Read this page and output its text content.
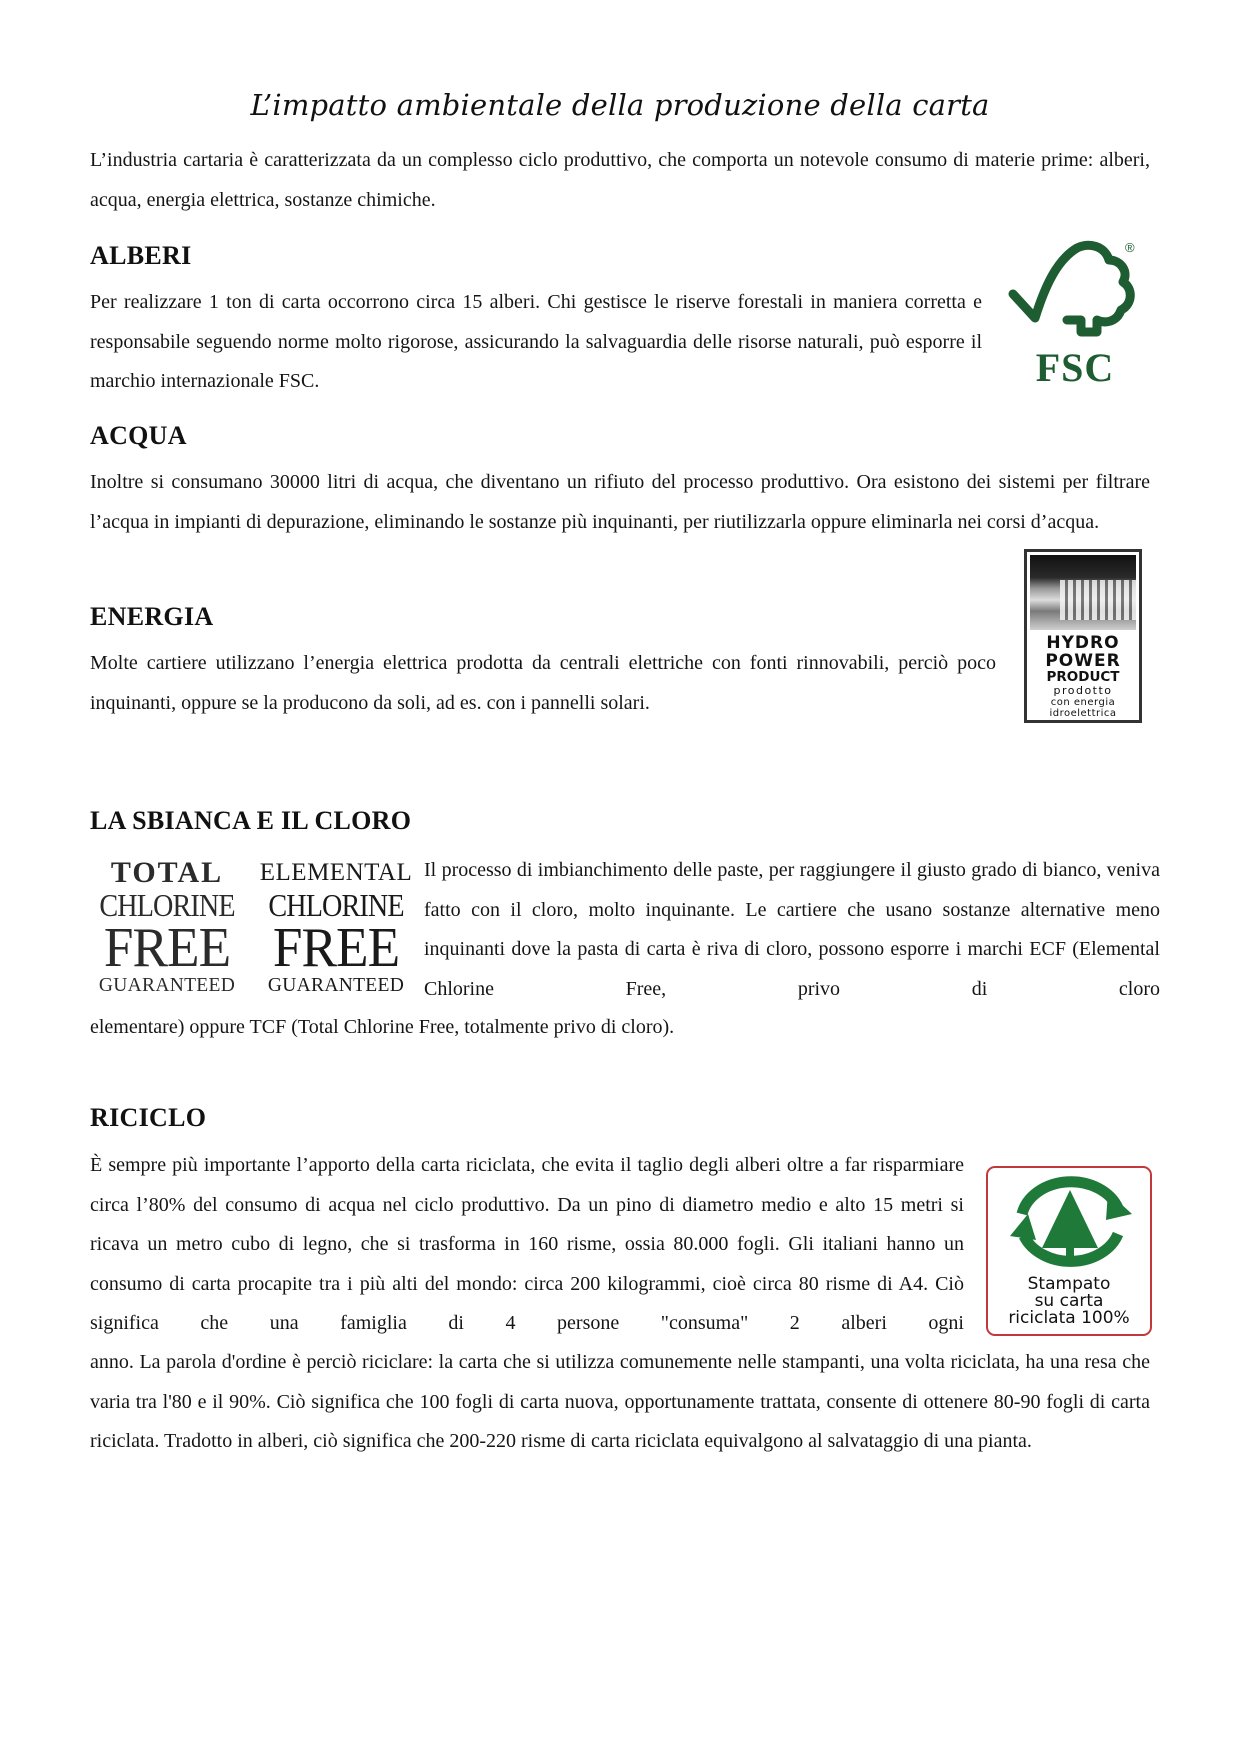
L’impatto ambientale della produzione della carta

L’industria cartaria è caratterizzata da un complesso ciclo produttivo, che comporta un notevole consumo di materie prime: alberi, acqua, energia elettrica, sostanze chimiche.

ALBERI

Per realizzare 1 ton di carta occorrono circa 15 alberi. Chi gestisce le riserve forestali in maniera corretta e responsabile seguendo norme molto rigorose, assicurando la salvaguardia delle risorse naturali, può esporre il marchio internazionale FSC.

®
FSC
ACQUA

Inoltre si consumano 30000 litri di acqua, che diventano un rifiuto del processo produttivo. Ora esistono dei sistemi per filtrare l’acqua in impianti di depurazione, eliminando le sostanze più inquinanti, per riutilizzarla oppure eliminarla nei corsi d’acqua.

ENERGIA

Molte cartiere utilizzano l’energia elettrica prodotta da centrali elettriche con fonti rinnovabili, perciò poco inquinanti, oppure se la producono da soli, ad es. con i pannelli solari.

HYDRO
POWER
PRODUCT
prodotto
con energia
idroelettrica
LA SBIANCA E IL CLORO
TOTAL
CHLORINE
FREE
GUARANTEED
ELEMENTAL
CHLORINE
FREE
GUARANTEED

Il processo di imbianchimento delle paste, per raggiungere il giusto grado di bianco, veniva fatto con il cloro, molto inquinante. Le cartiere che usano sostanze alternative meno inquinanti dove la pasta di carta è riva di cloro, possono esporre i marchi ECF (Elemental Chlorine Free, privo di cloro

elementare) oppure TCF (Total Chlorine Free, totalmente privo di cloro).

RICICLO

È sempre più importante l’apporto della carta riciclata, che evita il taglio degli alberi oltre a far risparmiare circa l’80% del consumo di acqua nel ciclo produttivo. Da un pino di diametro medio e alto 15 metri si ricava un metro cubo di legno, che si trasforma in 160 risme, ossia 80.000 fogli. Gli italiani hanno un consumo di carta procapite tra i più alti del mondo: circa 200 kilogrammi, cioè circa 80 risme di A4. Ciò significa che una famiglia di 4 persone "consuma" 2 alberi ogni

anno. La parola d'ordine è perciò riciclare: la carta che si utilizza comunemente nelle stampanti, una volta riciclata, ha una resa che varia tra l'80 e il 90%. Ciò significa che 100 fogli di carta nuova, opportunamente trattata, consente di ottenere 80-90 fogli di carta riciclata. Tradotto in alberi, ciò significa che 200-220 risme di carta riciclata equivalgono al salvataggio di una pianta.

Stampato
su carta
riciclata 100%
